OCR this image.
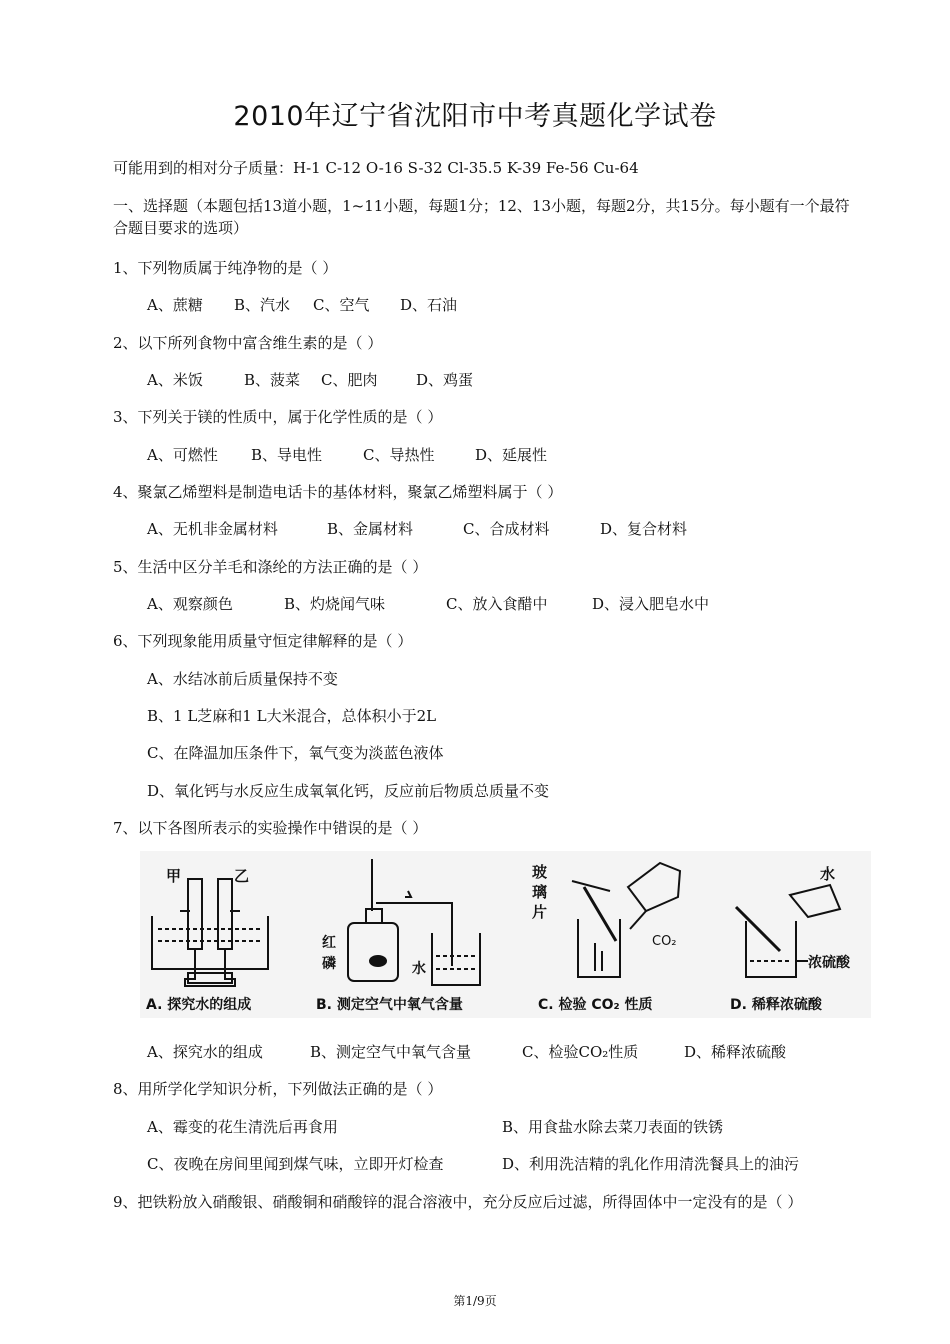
2010年辽宁省沈阳市中考真题化学试卷
可能用到的相对分子质量：H-1 C-12 O-16 S-32 Cl-35.5 K-39 Fe-56 Cu-64
一、选择题（本题包括13道小题，1~11小题，每题1分；12、13小题，每题2分，共15分。每小题有一个最符合题目要求的选项）
1、下列物质属于纯净物的是（ ）
A、蔗糖 B、汽水 C、空气 D、石油
2、以下所列食物中富含维生素的是（ ）
A、米饭	B、菠菜 C、肥肉	D、鸡蛋
3、下列关于镁的性质中，属于化学性质的是（ ）
A、可燃性 B、导电性	C、导热性	D、延展性
4、聚氯乙烯塑料是制造电话卡的基体材料，聚氯乙烯塑料属于（ ）
A、无机非金属材料	B、金属材料	C、合成材料	D、复合材料
5、生活中区分羊毛和涤纶的方法正确的是（ ）
A、观察颜色	B、灼烧闻气味	C、放入食醋中	D、浸入肥皂水中
6、下列现象能用质量守恒定律解释的是（ ）
A、水结冰前后质量保持不变
B、1 L芝麻和1 L大米混合，总体积小于2L
C、在降温加压条件下，氧气变为淡蓝色液体
D、氧化钙与水反应生成氧氧化钙，反应前后物质总质量不变
7、以下各图所表示的实验操作中错误的是（ ）
甲	乙
红
磷	水
玻
璃
片
CO₂
水
浓硫酸
A. 探究水的组成	B. 测定空气中氧气含量	C. 检验 CO₂ 性质	D. 稀释浓硫酸
A、探究水的组成	B、测定空气中氧气含量	C、检验CO₂性质	D、稀释浓硫酸
8、用所学化学知识分析，下列做法正确的是（ ）
A、霉变的花生清洗后再食用	B、用食盐水除去菜刀表面的铁锈
C、夜晚在房间里闻到煤气味，立即开灯检查	D、利用洗洁精的乳化作用清洗餐具上的油污
9、把铁粉放入硝酸银、硝酸铜和硝酸锌的混合溶液中，充分反应后过滤，所得固体中一定没有的是（ ）
第1/9页
